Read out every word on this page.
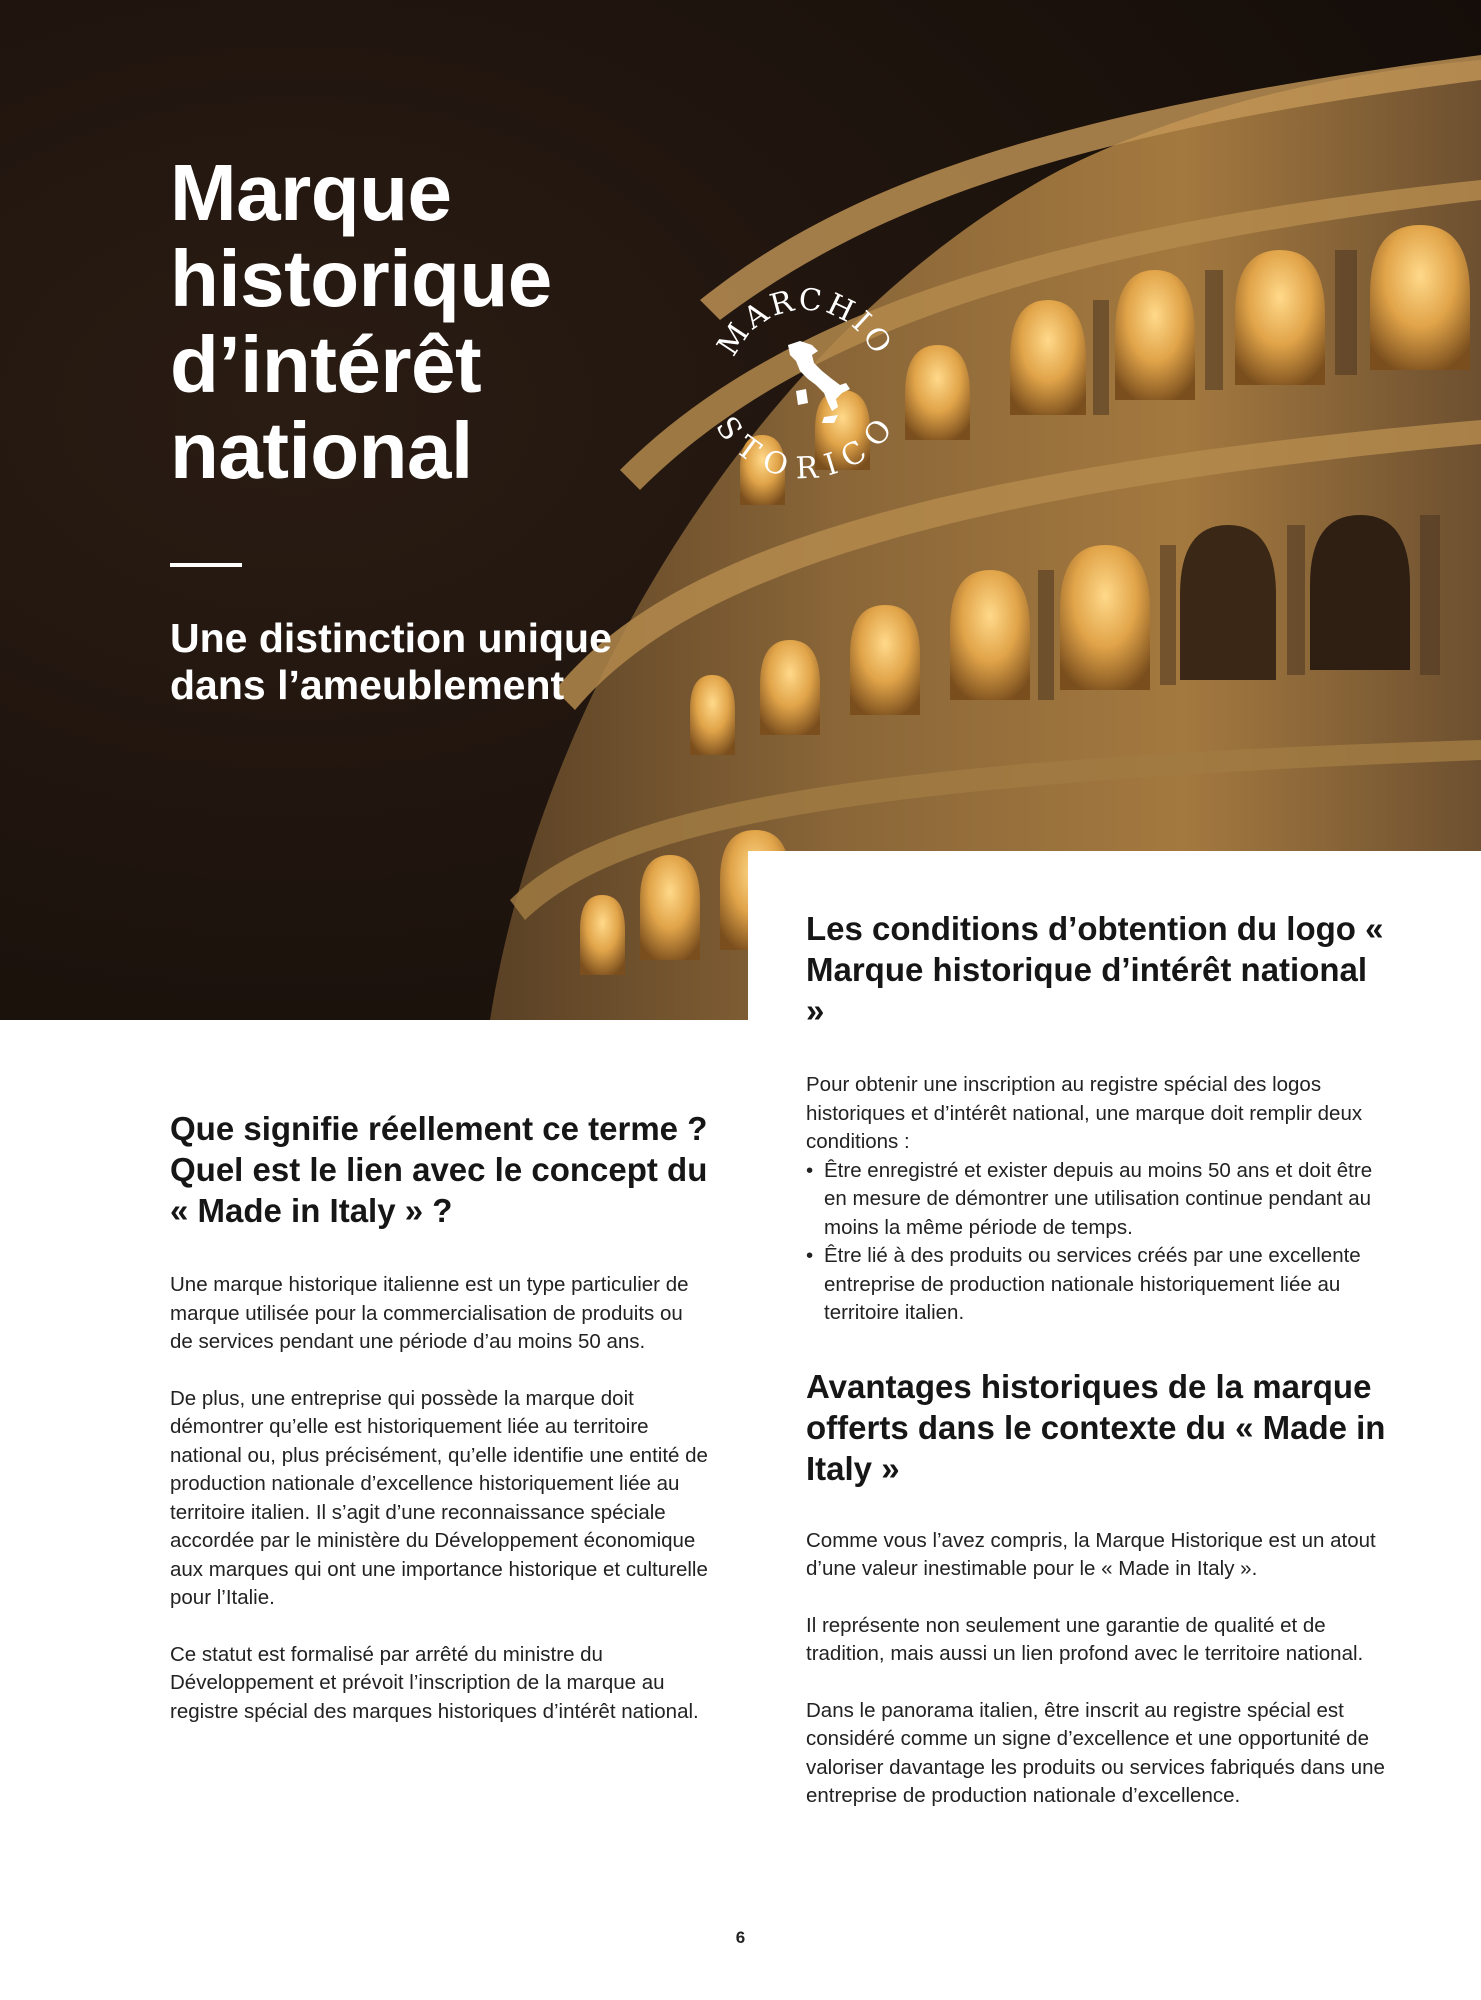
Marque historique d’intérêt national
Une distinction unique dans l’ameublement
MARCHIO
STORICO
Que signifie réellement ce terme ? Quel est le lien avec le concept du « Made in Italy » ?

Une marque historique italienne est un type particulier de marque utilisée pour la commercialisation de produits ou de services pendant une période d’au moins 50 ans.

De plus, une entreprise qui possède la marque doit démontrer qu’elle est historiquement liée au territoire national ou, plus précisément, qu’elle identifie une entité de production nationale d’excellence historiquement liée au territoire italien. Il s’agit d’une reconnaissance spéciale accordée par le ministère du Développement économique aux marques qui ont une importance historique et culturelle pour l’Italie.

Ce statut est formalisé par arrêté du ministre du Développement et prévoit l’inscription de la marque au registre spécial des marques historiques d’intérêt national.

Les conditions d’obtention du logo « Marque historique d’intérêt national »

Pour obtenir une inscription au registre spécial des logos historiques et d’intérêt national, une marque doit remplir deux conditions :

• Être enregistré et exister depuis au moins 50 ans et doit être en mesure de démontrer une utilisation continue pendant au moins la même période de temps.
• Être lié à des produits ou services créés par une excellente entreprise de production nationale historiquement liée au territoire italien.
Avantages historiques de la marque offerts dans le contexte du « Made in Italy »

Comme vous l’avez compris, la Marque Historique est un atout d’une valeur inestimable pour le « Made in Italy ».

Il représente non seulement une garantie de qualité et de tradition, mais aussi un lien profond avec le territoire national.

Dans le panorama italien, être inscrit au registre spécial est considéré comme un signe d’excellence et une opportunité de valoriser davantage les produits ou services fabriqués dans une entreprise de production nationale d’excellence.

6
